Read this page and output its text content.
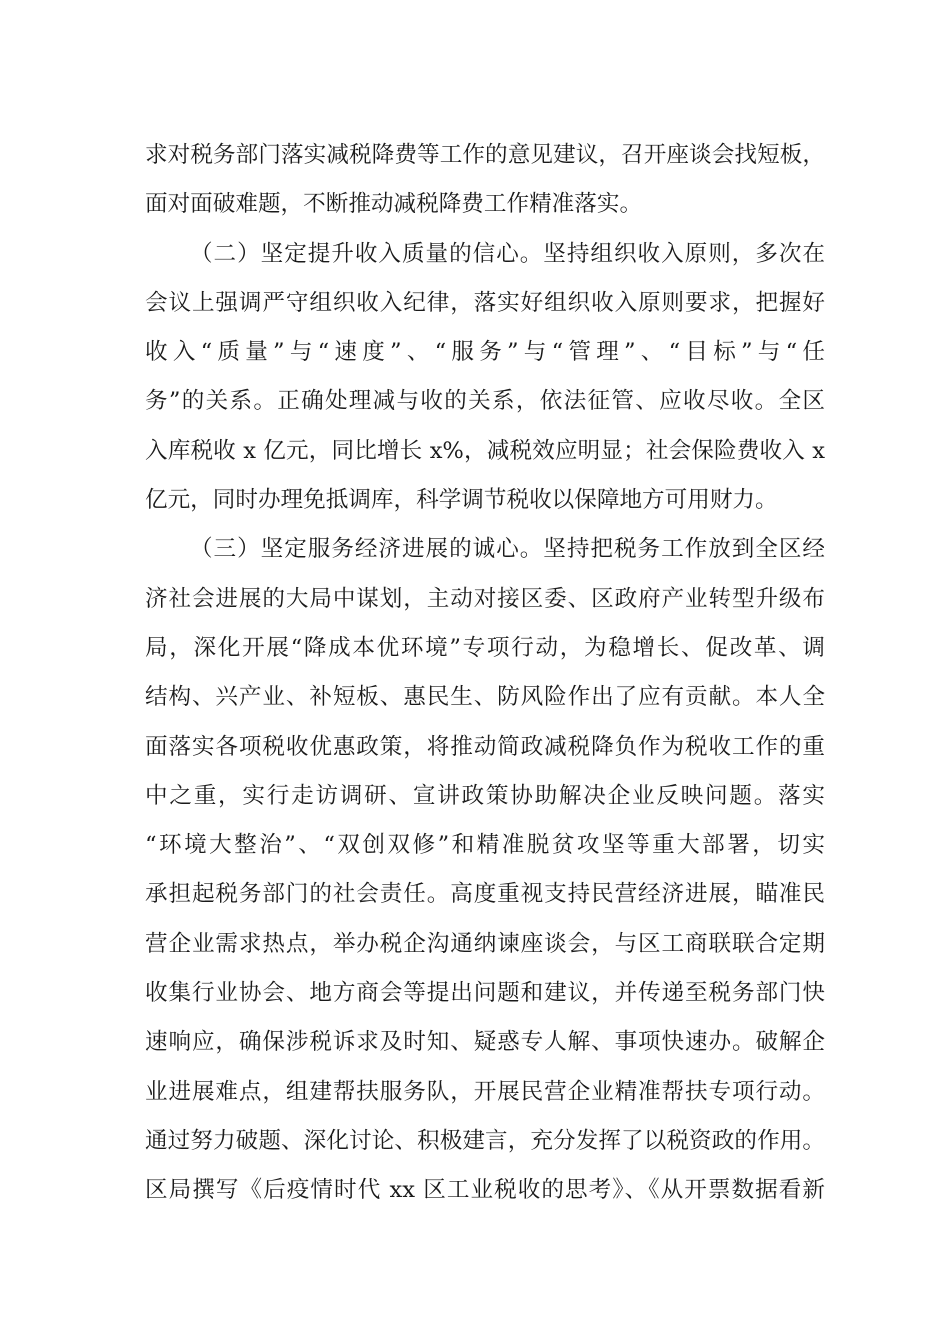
求对税务部门落实减税降费等工作的意见建议，召开座谈会找短板，
面对面破难题，不断推动减税降费工作精准落实。
（二）坚定提升收入质量的信心。坚持组织收入原则，多次在
会议上强调严守组织收入纪律，落实好组织收入原则要求，把握好
收入“质量”与“速度”、“服务”与“管理”、“目标”与“任
务”的关系。正确处理减与收的关系，依法征管、应收尽收。全区
入库税收 x 亿元，同比增长 x%，减税效应明显；社会保险费收入 x
亿元，同时办理免抵调库，科学调节税收以保障地方可用财力。
（三）坚定服务经济进展的诚心。坚持把税务工作放到全区经
济社会进展的大局中谋划，主动对接区委、区政府产业转型升级布
局，深化开展“降成本优环境”专项行动，为稳增长、促改革、调
结构、兴产业、补短板、惠民生、防风险作出了应有贡献。本人全
面落实各项税收优惠政策，将推动简政减税降负作为税收工作的重
中之重，实行走访调研、宣讲政策协助解决企业反映问题。落实
“环境大整治”、“双创双修”和精准脱贫攻坚等重大部署，切实
承担起税务部门的社会责任。高度重视支持民营经济进展，瞄准民
营企业需求热点，举办税企沟通纳谏座谈会，与区工商联联合定期
收集行业协会、地方商会等提出问题和建议，并传递至税务部门快
速响应，确保涉税诉求及时知、疑惑专人解、事项快速办。破解企
业进展难点，组建帮扶服务队，开展民营企业精准帮扶专项行动。
通过努力破题、深化讨论、积极建言，充分发挥了以税资政的作用。
区局撰写《后疫情时代 xx 区工业税收的思考》、《从开票数据看新
